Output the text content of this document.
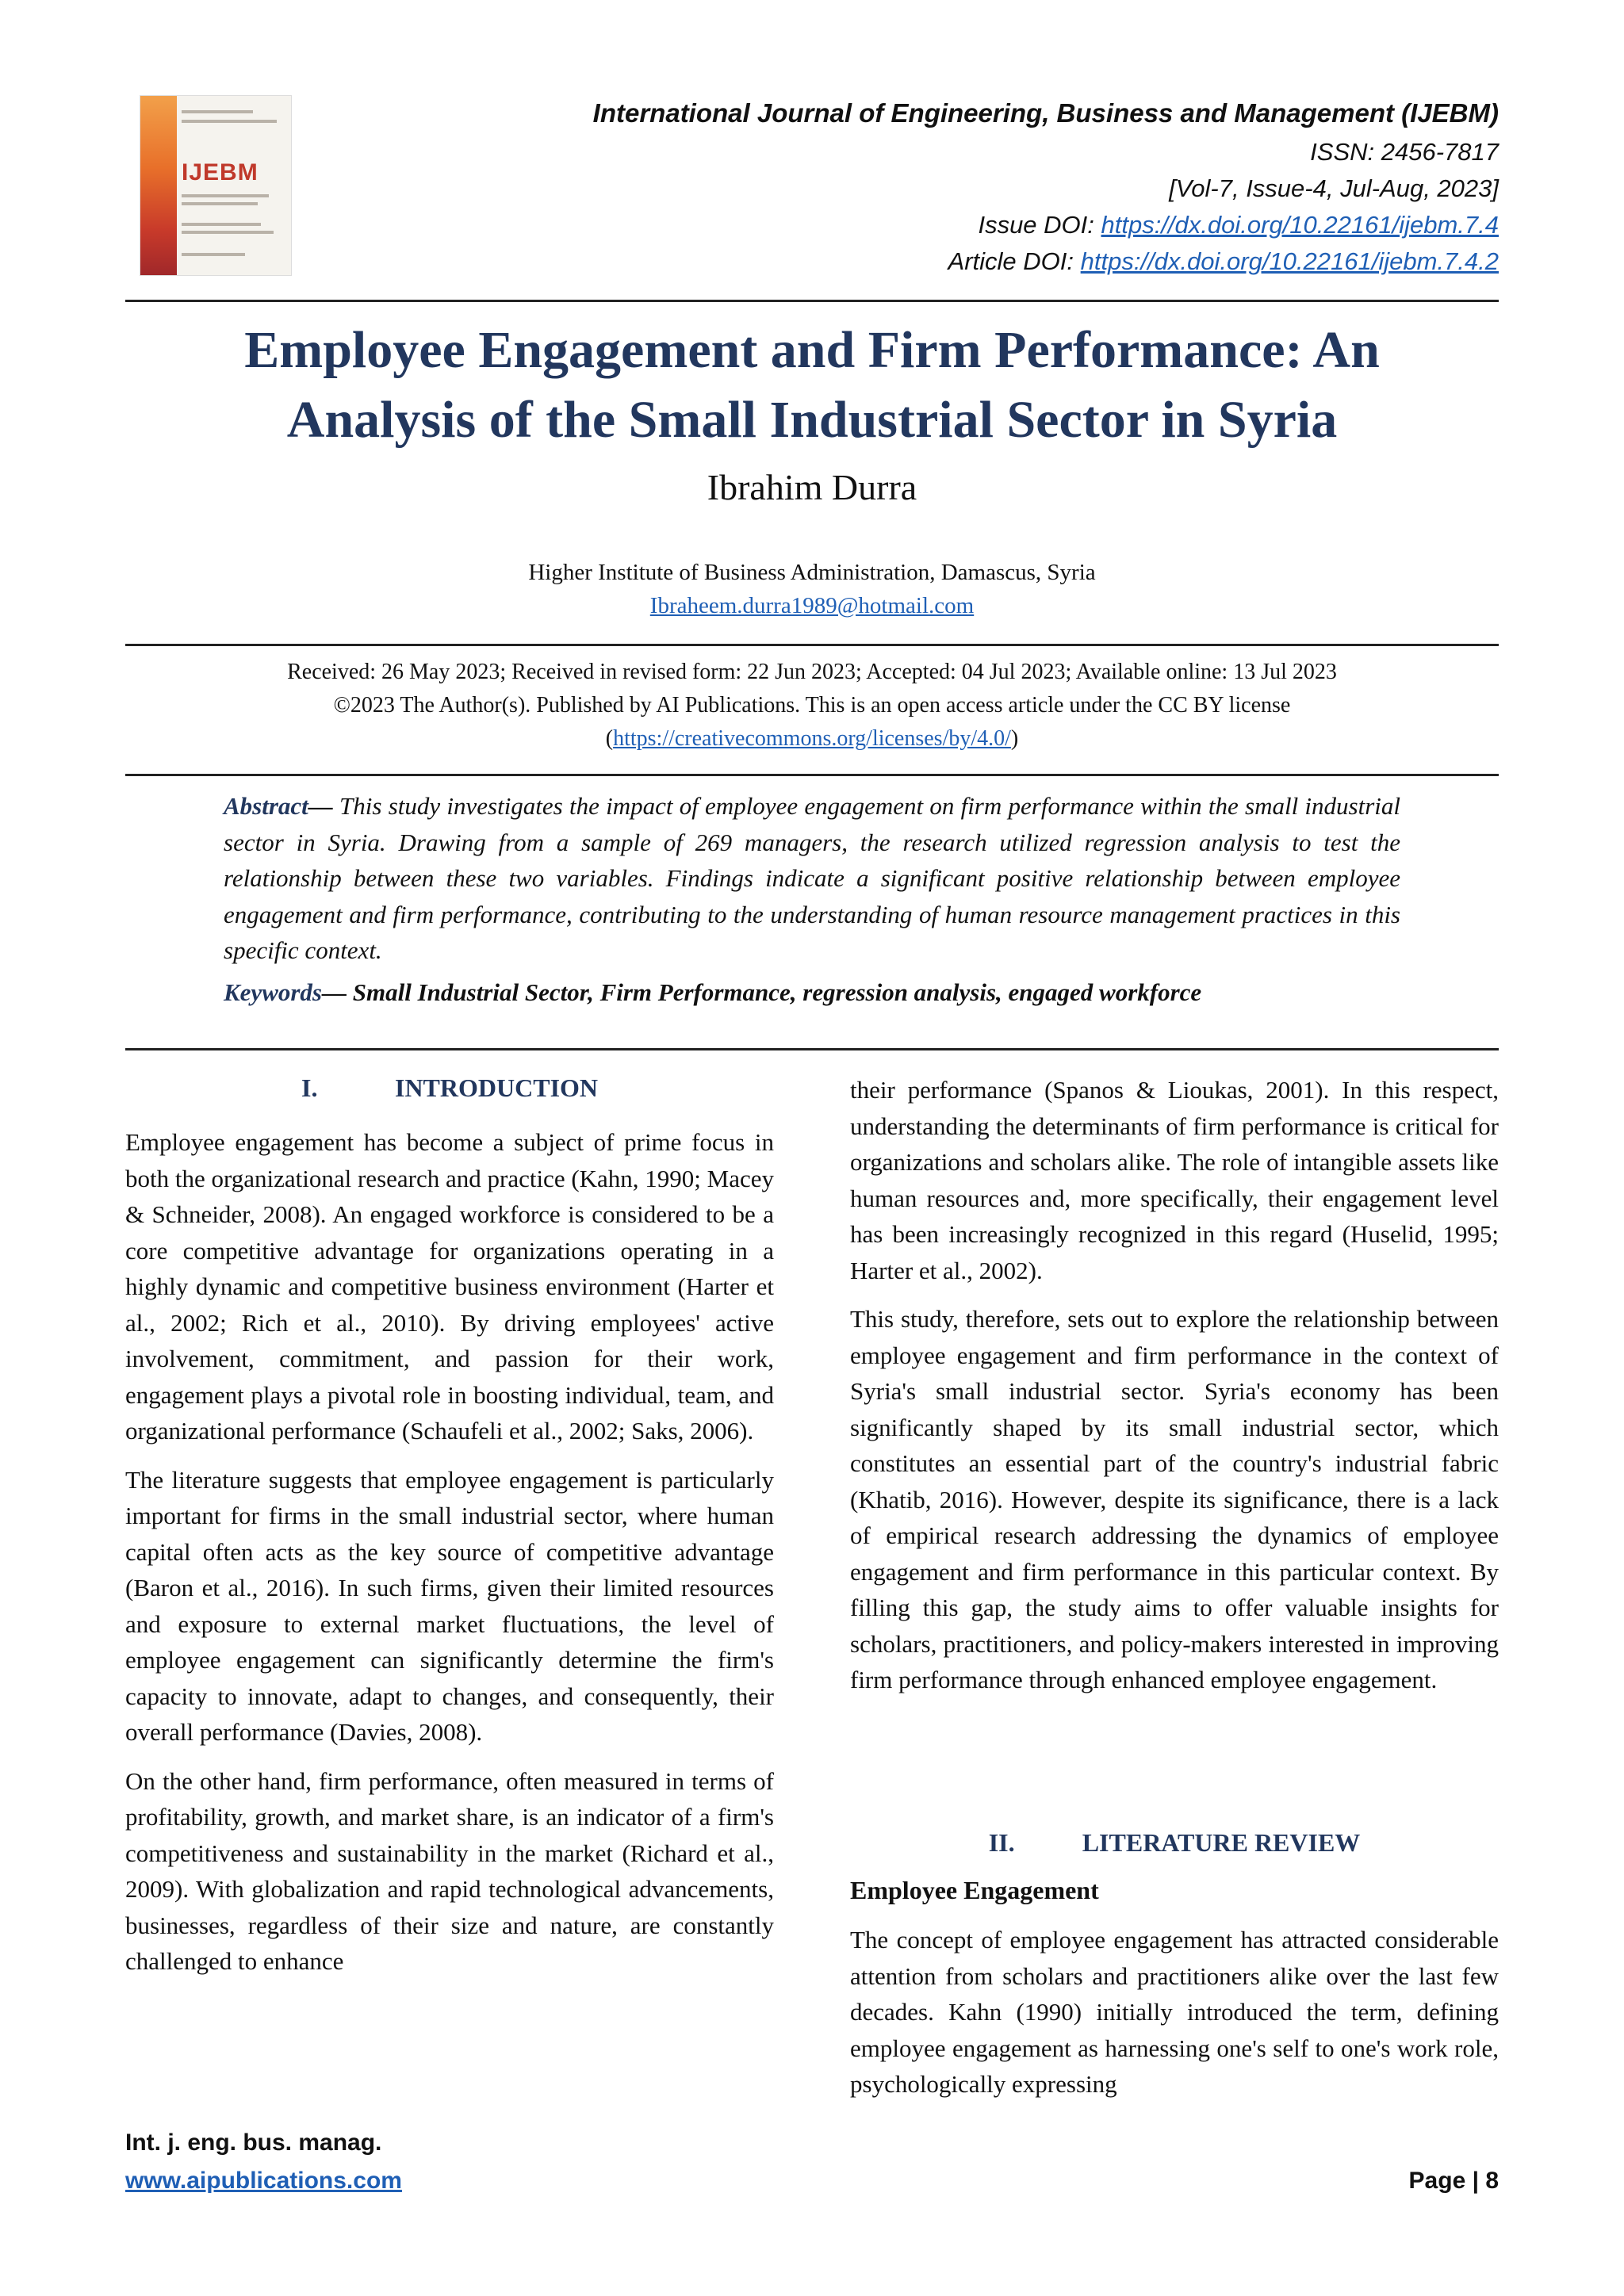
IJEBM
International Journal of Engineering, Business and Management (IJEBM)
ISSN: 2456-7817
[Vol-7, Issue-4, Jul-Aug, 2023]
Issue DOI: https://dx.doi.org/10.22161/ijebm.7.4
Article DOI: https://dx.doi.org/10.22161/ijebm.7.4.2
Employee Engagement and Firm Performance: An
Analysis of the Small Industrial Sector in Syria
Ibrahim Durra
Higher Institute of Business Administration, Damascus, Syria
Ibraheem.durra1989@hotmail.com
Received: 26 May 2023; Received in revised form: 22 Jun 2023; Accepted: 04 Jul 2023; Available online: 13 Jul 2023
©2023 The Author(s). Published by AI Publications. This is an open access article under the CC BY license
(https://creativecommons.org/licenses/by/4.0/)
Abstract— This study investigates the impact of employee engagement on firm performance within the small industrial sector in Syria. Drawing from a sample of 269 managers, the research utilized regression analysis to test the relationship between these two variables. Findings indicate a significant positive relationship between employee engagement and firm performance, contributing to the understanding of human resource management practices in this specific context.
Keywords— Small Industrial Sector, Firm Performance, regression analysis, engaged workforce
I.	INTRODUCTION

Employee engagement has become a subject of prime focus in both the organizational research and practice (Kahn, 1990; Macey & Schneider, 2008). An engaged workforce is considered to be a core competitive advantage for organizations operating in a highly dynamic and competitive business environment (Harter et al., 2002; Rich et al., 2010). By driving employees' active involvement, commitment, and passion for their work, engagement plays a pivotal role in boosting individual, team, and organizational performance (Schaufeli et al., 2002; Saks, 2006).

The literature suggests that employee engagement is particularly important for firms in the small industrial sector, where human capital often acts as the key source of competitive advantage (Baron et al., 2016). In such firms, given their limited resources and exposure to external market fluctuations, the level of employee engagement can significantly determine the firm's capacity to innovate, adapt to changes, and consequently, their overall performance (Davies, 2008).

On the other hand, firm performance, often measured in terms of profitability, growth, and market share, is an indicator of a firm's competitiveness and sustainability in the market (Richard et al., 2009). With globalization and rapid technological advancements, businesses, regardless of their size and nature, are constantly challenged to enhance

their performance (Spanos & Lioukas, 2001). In this respect, understanding the determinants of firm performance is critical for organizations and scholars alike. The role of intangible assets like human resources and, more specifically, their engagement level has been increasingly recognized in this regard (Huselid, 1995; Harter et al., 2002).

This study, therefore, sets out to explore the relationship between employee engagement and firm performance in the context of Syria's small industrial sector. Syria's economy has been significantly shaped by its small industrial sector, which constitutes an essential part of the country's industrial fabric (Khatib, 2016). However, despite its significance, there is a lack of empirical research addressing the dynamics of employee engagement and firm performance in this particular context. By filling this gap, the study aims to offer valuable insights for scholars, practitioners, and policy-makers interested in improving firm performance through enhanced employee engagement.

II.	LITERATURE REVIEW
Employee Engagement

The concept of employee engagement has attracted considerable attention from scholars and practitioners alike over the last few decades. Kahn (1990) initially introduced the term, defining employee engagement as harnessing one's self to one's work role, psychologically expressing

Int. j. eng. bus. manag.
www.aipublications.com	Page | 8
